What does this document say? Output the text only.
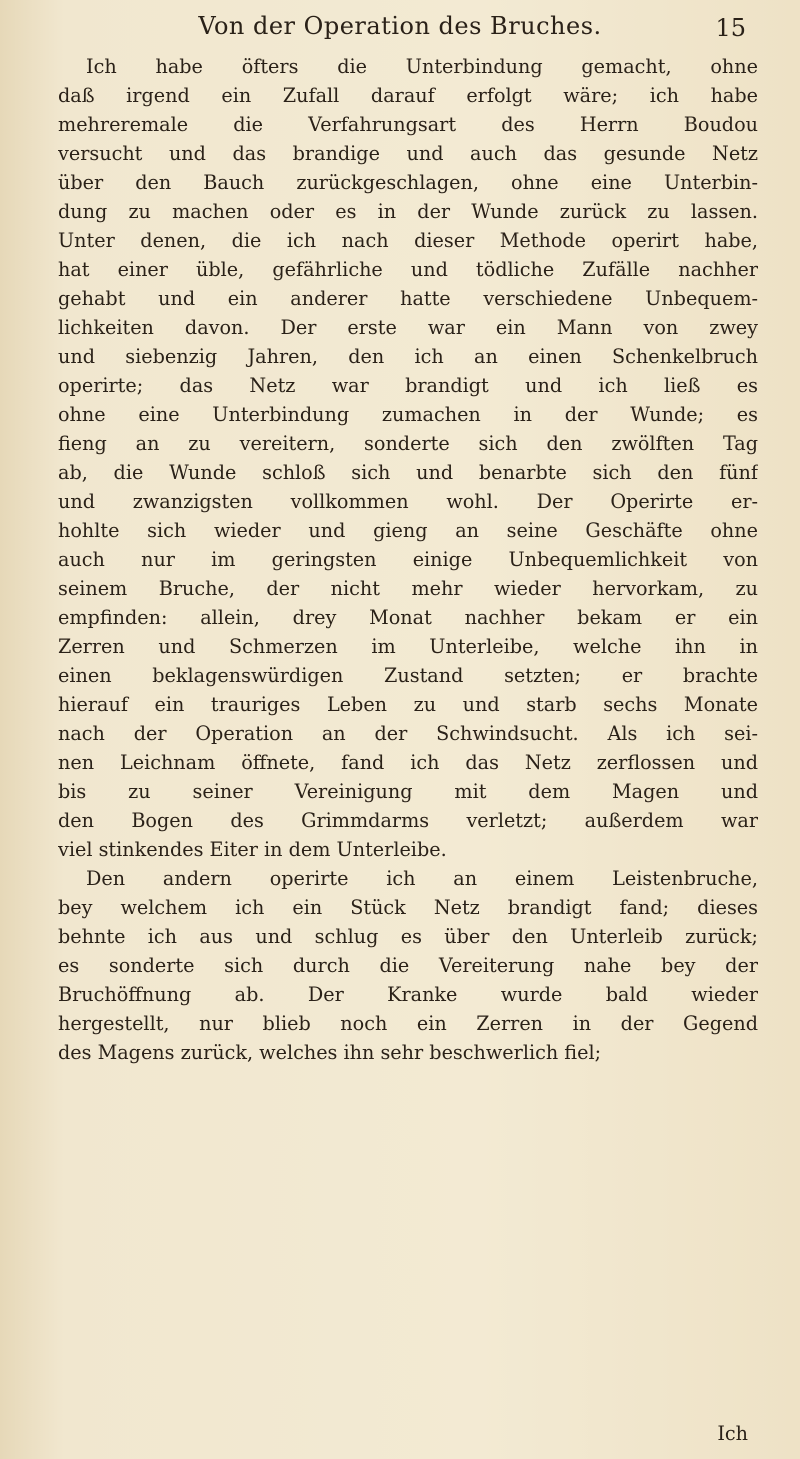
Von der Operation des Bruches.	15
Ich habe öfters die Unterbindung gemacht, ohne
daß irgend ein Zufall darauf erfolgt wäre; ich habe
mehreremale die Verfahrungsart des Herrn Boudou
versucht und das brandige und auch das gesunde Netz
über den Bauch zurückgeschlagen, ohne eine Unterbin-
dung zu machen oder es in der Wunde zurück zu lassen.
Unter denen, die ich nach dieser Methode operirt habe,
hat einer üble, gefährliche und tödliche Zufälle nachher
gehabt und ein anderer hatte verschiedene Unbequem-
lichkeiten davon. Der erste war ein Mann von zwey
und siebenzig Jahren, den ich an einen Schenkelbruch
operirte; das Netz war brandigt und ich ließ es
ohne eine Unterbindung zumachen in der Wunde; es
fieng an zu vereitern, sonderte sich den zwölften Tag
ab, die Wunde schloß sich und benarbte sich den fünf
und zwanzigsten vollkommen wohl. Der Operirte er-
hohlte sich wieder und gieng an seine Geschäfte ohne
auch nur im geringsten einige Unbequemlichkeit von
seinem Bruche, der nicht mehr wieder hervorkam, zu
empfinden: allein, drey Monat nachher bekam er ein
Zerren und Schmerzen im Unterleibe, welche ihn in
einen beklagenswürdigen Zustand setzten; er brachte
hierauf ein trauriges Leben zu und starb sechs Monate
nach der Operation an der Schwindsucht. Als ich sei-
nen Leichnam öffnete, fand ich das Netz zerflossen und
bis zu seiner Vereinigung mit dem Magen und
den Bogen des Grimmdarms verletzt; außerdem war
viel stinkendes Eiter in dem Unterleibe.
Den andern operirte ich an einem Leistenbruche,
bey welchem ich ein Stück Netz brandigt fand; dieses
behnte ich aus und schlug es über den Unterleib zurück;
es sonderte sich durch die Vereiterung nahe bey der
Bruchöffnung ab. Der Kranke wurde bald wieder
hergestellt, nur blieb noch ein Zerren in der Gegend
des Magens zurück, welches ihn sehr beschwerlich fiel;
Ich
